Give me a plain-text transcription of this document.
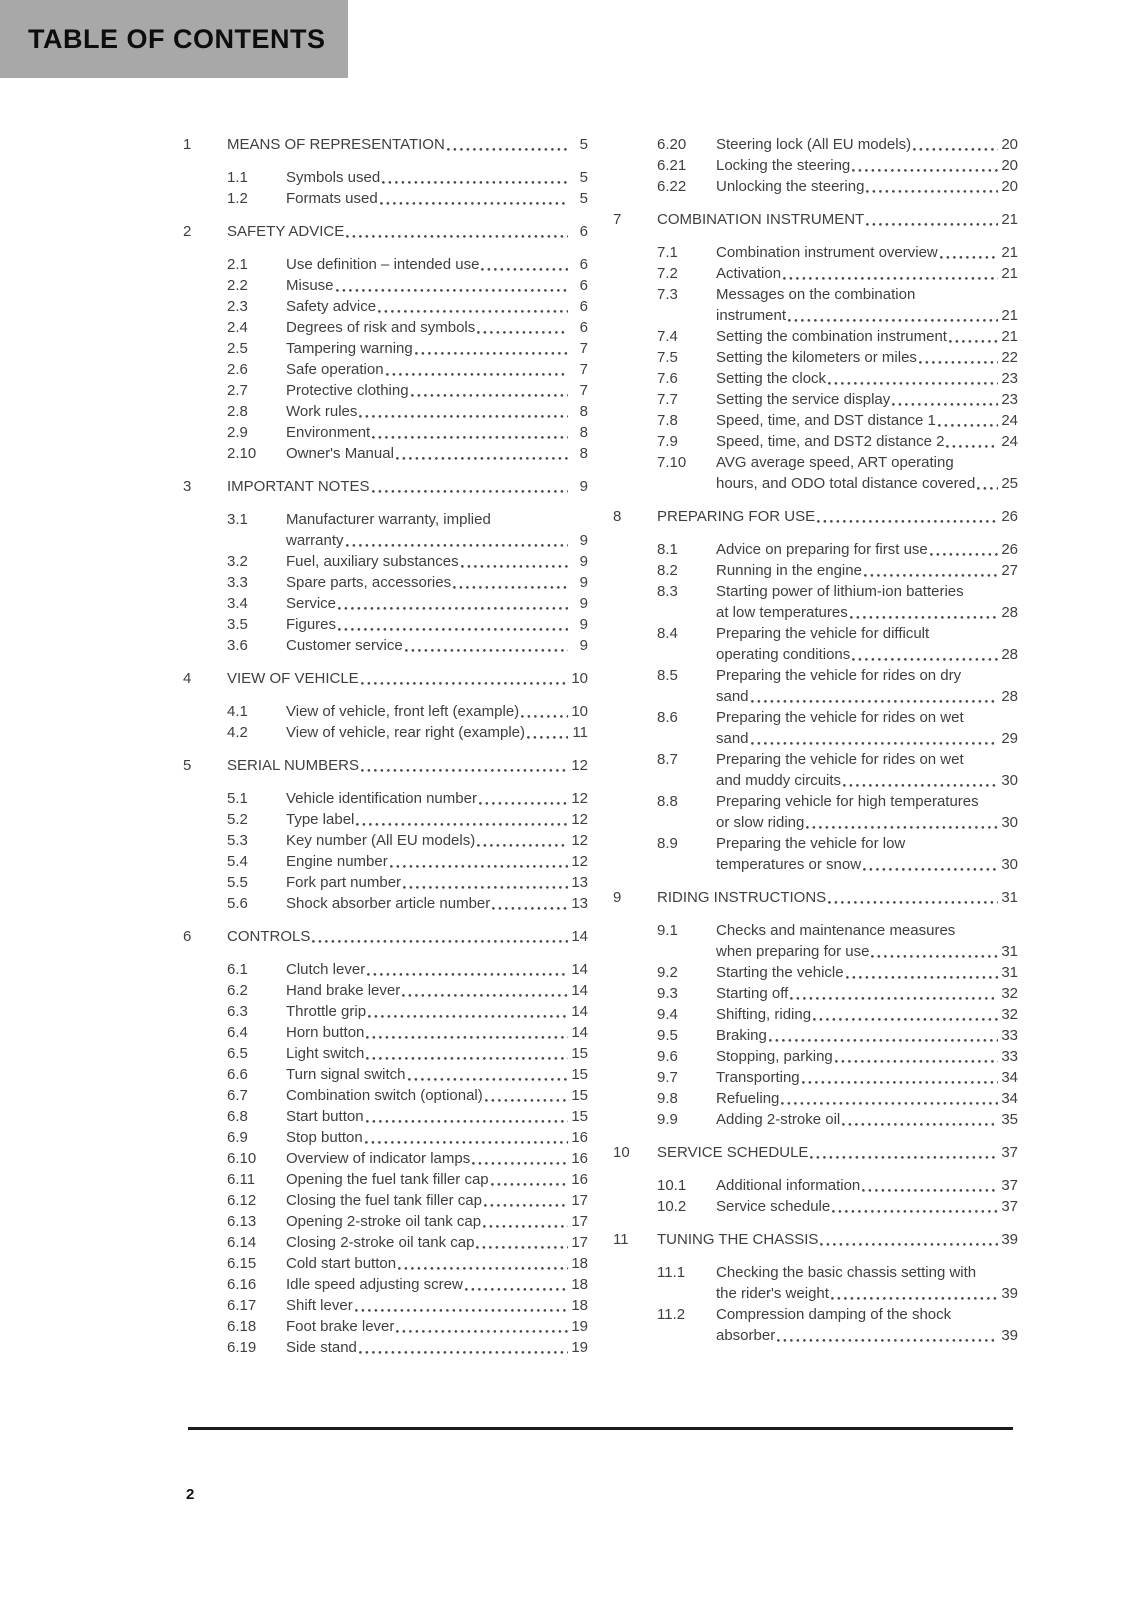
TABLE OF CONTENTS
1	MEANS OF REPRESENTATION	5
1.1	Symbols used	5
1.2	Formats used	5
2	SAFETY ADVICE	6
2.1	Use definition – intended use	6
2.2	Misuse	6
2.3	Safety advice	6
2.4	Degrees of risk and symbols	6
2.5	Tampering warning	7
2.6	Safe operation	7
2.7	Protective clothing	7
2.8	Work rules	8
2.9	Environment	8
2.10	Owner's Manual	8
3	IMPORTANT NOTES	9
3.1	Manufacturer warranty, implied
warranty	9
3.2	Fuel, auxiliary substances	9
3.3	Spare parts, accessories	9
3.4	Service	9
3.5	Figures	9
3.6	Customer service	9
4	VIEW OF VEHICLE	10
4.1	View of vehicle, front left (example)	10
4.2	View of vehicle, rear right (example)	11
5	SERIAL NUMBERS	12
5.1	Vehicle identification number	12
5.2	Type label	12
5.3	Key number (All EU models)	12
5.4	Engine number	12
5.5	Fork part number	13
5.6	Shock absorber article number	13
6	CONTROLS	14
6.1	Clutch lever	14
6.2	Hand brake lever	14
6.3	Throttle grip	14
6.4	Horn button	14
6.5	Light switch	15
6.6	Turn signal switch	15
6.7	Combination switch (optional)	15
6.8	Start button	15
6.9	Stop button	16
6.10	Overview of indicator lamps	16
6.11	Opening the fuel tank filler cap	16
6.12	Closing the fuel tank filler cap	17
6.13	Opening 2-stroke oil tank cap	17
6.14	Closing 2-stroke oil tank cap	17
6.15	Cold start button	18
6.16	Idle speed adjusting screw	18
6.17	Shift lever	18
6.18	Foot brake lever	19
6.19	Side stand	19
6.20	Steering lock (All EU models)	20
6.21	Locking the steering	20
6.22	Unlocking the steering	20
7	COMBINATION INSTRUMENT	21
7.1	Combination instrument overview	21
7.2	Activation	21
7.3	Messages on the combination
instrument	21
7.4	Setting the combination instrument	21
7.5	Setting the kilometers or miles	22
7.6	Setting the clock	23
7.7	Setting the service display	23
7.8	Speed, time, and DST distance 1	24
7.9	Speed, time, and DST2 distance 2	24
7.10	AVG average speed, ART operating
hours, and ODO total distance covered 25
8	PREPARING FOR USE	26
8.1	Advice on preparing for first use	26
8.2	Running in the engine	27
8.3	Starting power of lithium-ion batteries
at low temperatures	28
8.4	Preparing the vehicle for difficult
operating conditions	28
8.5	Preparing the vehicle for rides on dry
sand	28
8.6	Preparing the vehicle for rides on wet
sand	29
8.7	Preparing the vehicle for rides on wet
and muddy circuits	30
8.8	Preparing vehicle for high temperatures
or slow riding	30
8.9	Preparing the vehicle for low
temperatures or snow	30
9	RIDING INSTRUCTIONS	31
9.1	Checks and maintenance measures
when preparing for use	31
9.2	Starting the vehicle	31
9.3	Starting off	32
9.4	Shifting, riding	32
9.5	Braking	33
9.6	Stopping, parking	33
9.7	Transporting	34
9.8	Refueling	34
9.9	Adding 2-stroke oil	35
10	SERVICE SCHEDULE	37
10.1	Additional information	37
10.2	Service schedule	37
11	TUNING THE CHASSIS	39
11.1	Checking the basic chassis setting with
the rider's weight	39
11.2	Compression damping of the shock
absorber	39
2
